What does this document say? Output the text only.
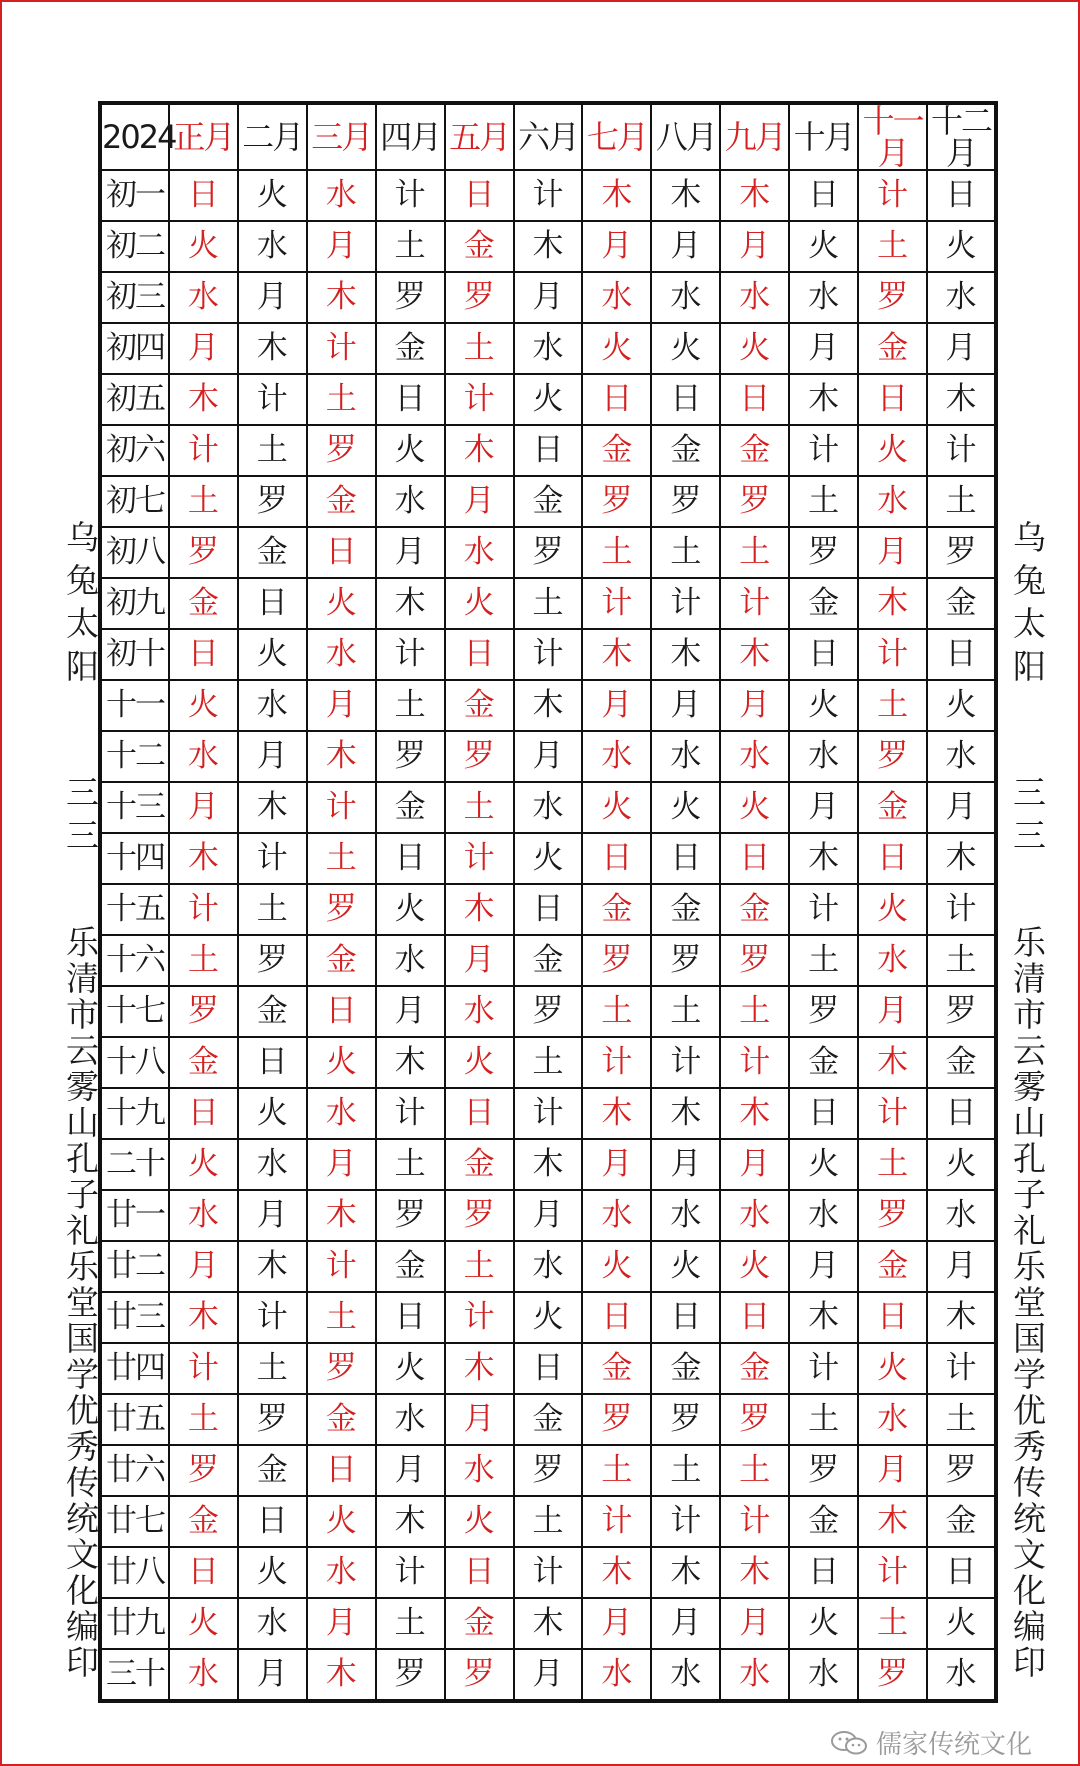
2024	正月	二月	三月	四月	五月	六月	七月	八月	九月	十月	十一月	十二月
初一	日	火	水	计	日	计	木	木	木	日	计	日
初二	火	水	月	土	金	木	月	月	月	火	土	火
初三	水	月	木	罗	罗	月	水	水	水	水	罗	水
初四	月	木	计	金	土	水	火	火	火	月	金	月
初五	木	计	土	日	计	火	日	日	日	木	日	木
初六	计	土	罗	火	木	日	金	金	金	计	火	计
初七	土	罗	金	水	月	金	罗	罗	罗	土	水	土
初八	罗	金	日	月	水	罗	土	土	土	罗	月	罗
初九	金	日	火	木	火	土	计	计	计	金	木	金
初十	日	火	水	计	日	计	木	木	木	日	计	日
十一	火	水	月	土	金	木	月	月	月	火	土	火
十二	水	月	木	罗	罗	月	水	水	水	水	罗	水
十三	月	木	计	金	土	水	火	火	火	月	金	月
十四	木	计	土	日	计	火	日	日	日	木	日	木
十五	计	土	罗	火	木	日	金	金	金	计	火	计
十六	土	罗	金	水	月	金	罗	罗	罗	土	水	土
十七	罗	金	日	月	水	罗	土	土	土	罗	月	罗
十八	金	日	火	木	火	土	计	计	计	金	木	金
十九	日	火	水	计	日	计	木	木	木	日	计	日
二十	火	水	月	土	金	木	月	月	月	火	土	火
廿一	水	月	木	罗	罗	月	水	水	水	水	罗	水
廿二	月	木	计	金	土	水	火	火	火	月	金	月
廿三	木	计	土	日	计	火	日	日	日	木	日	木
廿四	计	土	罗	火	木	日	金	金	金	计	火	计
廿五	土	罗	金	水	月	金	罗	罗	罗	土	水	土
廿六	罗	金	日	月	水	罗	土	土	土	罗	月	罗
廿七	金	日	火	木	火	土	计	计	计	金	木	金
廿八	日	火	水	计	日	计	木	木	木	日	计	日
廿九	火	水	月	土	金	木	月	月	月	火	土	火
三十	水	月	木	罗	罗	月	水	水	水	水	罗	水
乌兔太阳
三三
乐清市云雾山孔子礼乐堂国学优秀传统文化编印
乌兔太阳
三三
乐清市云雾山孔子礼乐堂国学优秀传统文化编印
儒家传统文化
